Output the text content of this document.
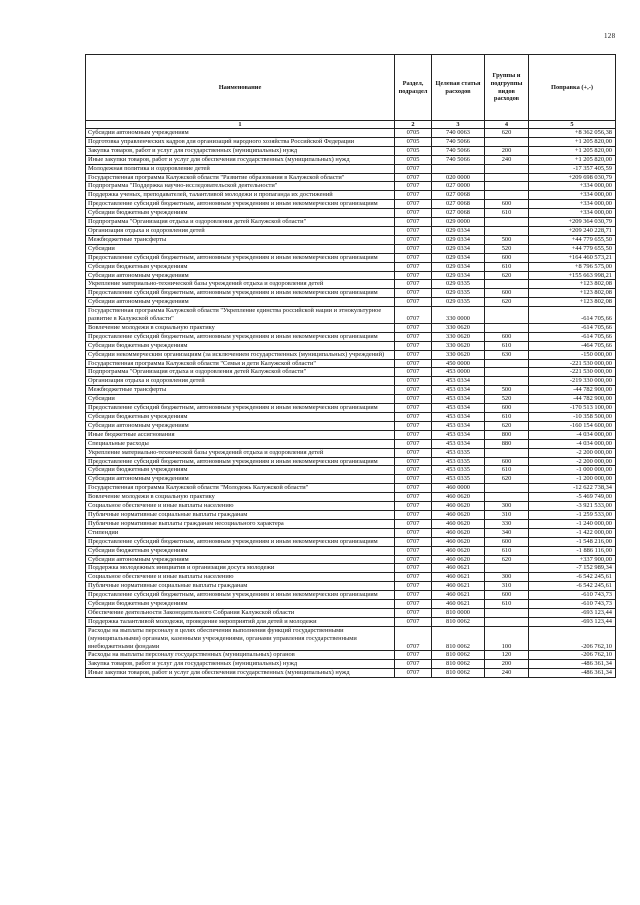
128
Наименование	Раздел, подраздел	Целевая статья расходов	Группы и подгруппы видов расходов	Поправка (+,-)
1	2	3	4	5
Субсидии автономным учреждениям	0705	740 0063	620	+8 362 056,38
Подготовка управленческих кадров для организаций народного хозяйства Российской Федерации	0705	740 5066		+1 205 820,00
Закупка товаров, работ и услуг для государственных (муниципальных) нужд	0705	740 5066	200	+1 205 820,00
Иные закупки товаров, работ и услуг для обеспечения государственных (муниципальных) нужд	0705	740 5066	240	+1 205 820,00
Молодежная политика и оздоровление детей	0707			-17 357 405,59
Государственная программа Калужской области "Развитие образования в Калужской области"	0707	020 0000		+209 698 030,79
Подпрограмма "Поддержка научно-исследовательской деятельности"	0707	027 0000		+334 000,00
Поддержка ученых, преподавателей, талантливой молодежи и пропаганда их достижений	0707	027 0068		+334 000,00
Предоставление субсидий бюджетным, автономным учреждениям и иным некоммерческим организациям	0707	027 0068	600	+334 000,00
Субсидии бюджетным учреждениям	0707	027 0068	610	+334 000,00
Подпрограмма "Организация отдыха и оздоровления детей Калужской области"	0707	029 0000		+209 364 030,79
Организация отдыха и оздоровления детей	0707	029 0334		+209 240 228,71
Межбюджетные трансферты	0707	029 0334	500	+44 779 655,50
Субсидии	0707	029 0334	520	+44 779 655,50
Предоставление субсидий бюджетным, автономным учреждениям и иным некоммерческим организациям	0707	029 0334	600	+164 460 573,21
Субсидии бюджетным учреждениям	0707	029 0334	610	+8 796 575,00
Субсидии автономным учреждениям	0707	029 0334	620	+155 663 998,21
Укрепление материально-технической базы учреждений отдыха и оздоровления детей	0707	029 0335		+123 802,08
Предоставление субсидий бюджетным, автономным учреждениям и иным некоммерческим организациям	0707	029 0335	600	+123 802,08
Субсидии автономным учреждениям	0707	029 0335	620	+123 802,08
Государственная программа Калужской области "Укрепление единства российской нации и этнокультурное развитие в Калужской области"	0707	330 0000		-614 705,66
Вовлечение молодежи в социальную практику	0707	330 0620		-614 705,66
Предоставление субсидий бюджетным, автономным учреждениям и иным некоммерческим организациям	0707	330 0620	600	-614 705,66
Субсидии бюджетным учреждениям	0707	330 0620	610	-464 705,66
Субсидии некоммерческим организациям (за исключением государственных (муниципальных) учреждений)	0707	330 0620	630	-150 000,00
Государственная программа Калужской области "Семья и дети Калужской области"	0707	450 0000		-221 530 000,00
Подпрограмма "Организация отдыха и оздоровления детей Калужской области"	0707	453 0000		-221 530 000,00
Организация отдыха и оздоровления детей	0707	453 0334		-219 330 000,00
Межбюджетные трансферты	0707	453 0334	500	-44 782 900,00
Субсидии	0707	453 0334	520	-44 782 900,00
Предоставление субсидий бюджетным, автономным учреждениям и иным некоммерческим организациям	0707	453 0334	600	-170 513 100,00
Субсидии бюджетным учреждениям	0707	453 0334	610	-10 358 500,00
Субсидии автономным учреждениям	0707	453 0334	620	-160 154 600,00
Иные бюджетные ассигнования	0707	453 0334	800	-4 034 000,00
Специальные расходы	0707	453 0334	880	-4 034 000,00
Укрепление материально-технической базы учреждений отдыха и оздоровления детей	0707	453 0335		-2 200 000,00
Предоставление субсидий бюджетным, автономным учреждениям и иным некоммерческим организациям	0707	453 0335	600	-2 200 000,00
Субсидии бюджетным учреждениям	0707	453 0335	610	-1 000 000,00
Субсидии автономным учреждениям	0707	453 0335	620	-1 200 000,00
Государственная программа Калужской области "Молодежь Калужской области"	0707	460 0000		-12 622 738,34
Вовлечение молодежи в социальную практику	0707	460 0620		-5 469 749,00
Социальное обеспечение и иные выплаты населению	0707	460 0620	300	-3 921 533,00
Публичные нормативные социальные выплаты гражданам	0707	460 0620	310	-1 259 533,00
Публичные нормативные выплаты гражданам несоциального характера	0707	460 0620	330	-1 240 000,00
Стипендии	0707	460 0620	340	-1 422 000,00
Предоставление субсидий бюджетным, автономным учреждениям и иным некоммерческим организациям	0707	460 0620	600	-1 548 216,00
Субсидии бюджетным учреждениям	0707	460 0620	610	-1 886 116,00
Субсидии автономным учреждениям	0707	460 0620	620	+337 900,00
Поддержка молодежных инициатив и организация досуга молодежи	0707	460 0621		-7 152 989,34
Социальное обеспечение и иные выплаты населению	0707	460 0621	300	-6 542 245,61
Публичные нормативные социальные выплаты гражданам	0707	460 0621	310	-6 542 245,61
Предоставление субсидий бюджетным, автономным учреждениям и иным некоммерческим организациям	0707	460 0621	600	-610 743,73
Субсидии бюджетным учреждениям	0707	460 0621	610	-610 743,73
Обеспечение деятельности Законодательного Собрания Калужской области	0707	810 0000		-693 123,44
Поддержка талантливой молодежи, проведение мероприятий для детей и молодежи	0707	810 0062		-693 123,44
Расходы на выплаты персоналу в целях обеспечения выполнения функций государственными (муниципальными) органами, казенными учреждениями, органами управления государственными внебюджетными фондами	0707	810 0062	100	-206 762,10
Расходы на выплаты персоналу государственных (муниципальных) органов	0707	810 0062	120	-206 762,10
Закупка товаров, работ и услуг для государственных (муниципальных) нужд	0707	810 0062	200	-486 361,34
Иные закупки товаров, работ и услуг для обеспечения государственных (муниципальных) нужд	0707	810 0062	240	-486 361,34
